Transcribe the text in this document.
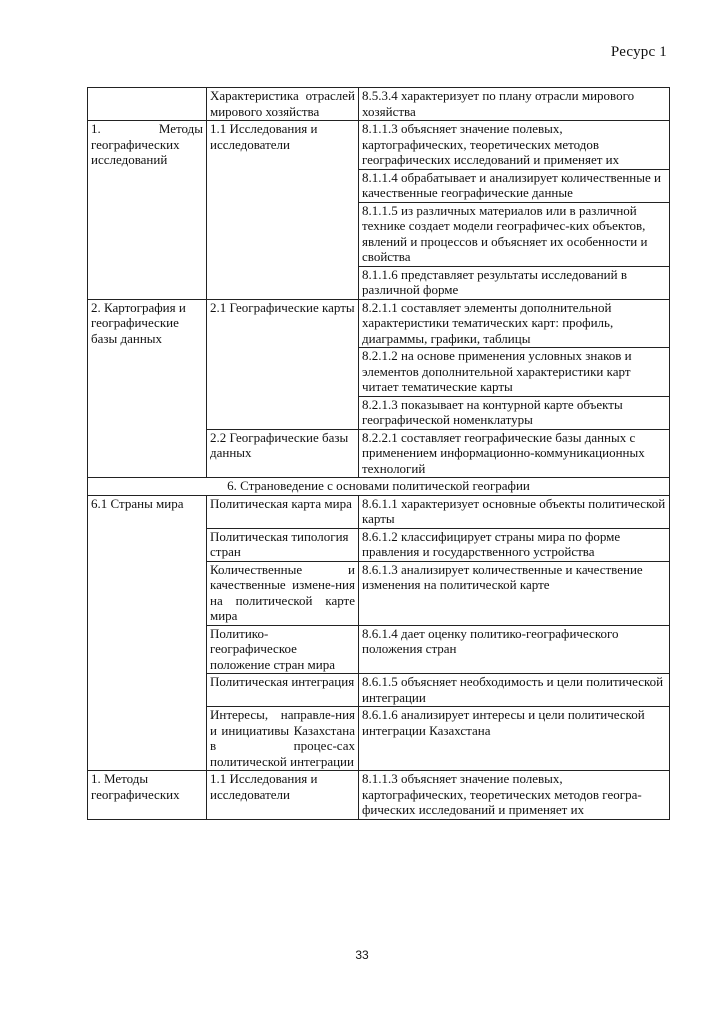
Ресурс 1
	Характеристика отраслей мирового хозяйства	8.5.3.4 характеризует по плану отрасли мирового хозяйства
1. Методы географических исследований	1.1 Исследования и исследователи	8.1.1.3 объясняет значение полевых, картографических, теоретических методов географических исследований и применяет их
		8.1.1.4 обрабатывает и анализирует количественные и качественные географические данные
		8.1.1.5 из различных материалов или в различной технике создает модели географичес-ких объектов, явлений и процессов и объясняет их особенности и свойства
		8.1.1.6 представляет результаты исследований в различной форме
2. Картография и географические базы данных	2.1 Географические карты	8.2.1.1 составляет элементы дополнительной характеристики тематических карт: профиль, диаграммы, графики, таблицы
		8.2.1.2 на основе применения условных знаков и элементов дополнительной характеристики карт читает тематические карты
		8.2.1.3 показывает на контурной карте объекты географической номенклатуры
	2.2 Географические базы данных	8.2.2.1 составляет географические базы данных с применением информационно-коммуникационных технологий
6. Страноведение с основами политической географии		
6.1 Страны мира	Политическая карта мира	8.6.1.1 характеризует основные объекты политической карты
	Политическая типология стран	8.6.1.2 классифицирует страны мира по форме правления и государственного устройства
	Количественные и качественные измене-ния на политической карте мира	8.6.1.3 анализирует количественные и качествение изменения на политической карте
	Политико-географическое положение стран мира	8.6.1.4 дает оценку политико-географического положения стран
	Политическая интеграция	8.6.1.5 объясняет необходимость и цели политической интеграции
	Интересы, направле-ния и инициативы Казахстана в процес-сах политической интеграции	8.6.1.6 анализирует интересы и цели политической интеграции Казахстана
1. Методы географических	1.1 Исследования и исследователи	8.1.1.3 объясняет значение полевых, картографических, теоретических методов геогра-фических исследований и применяет их
33
